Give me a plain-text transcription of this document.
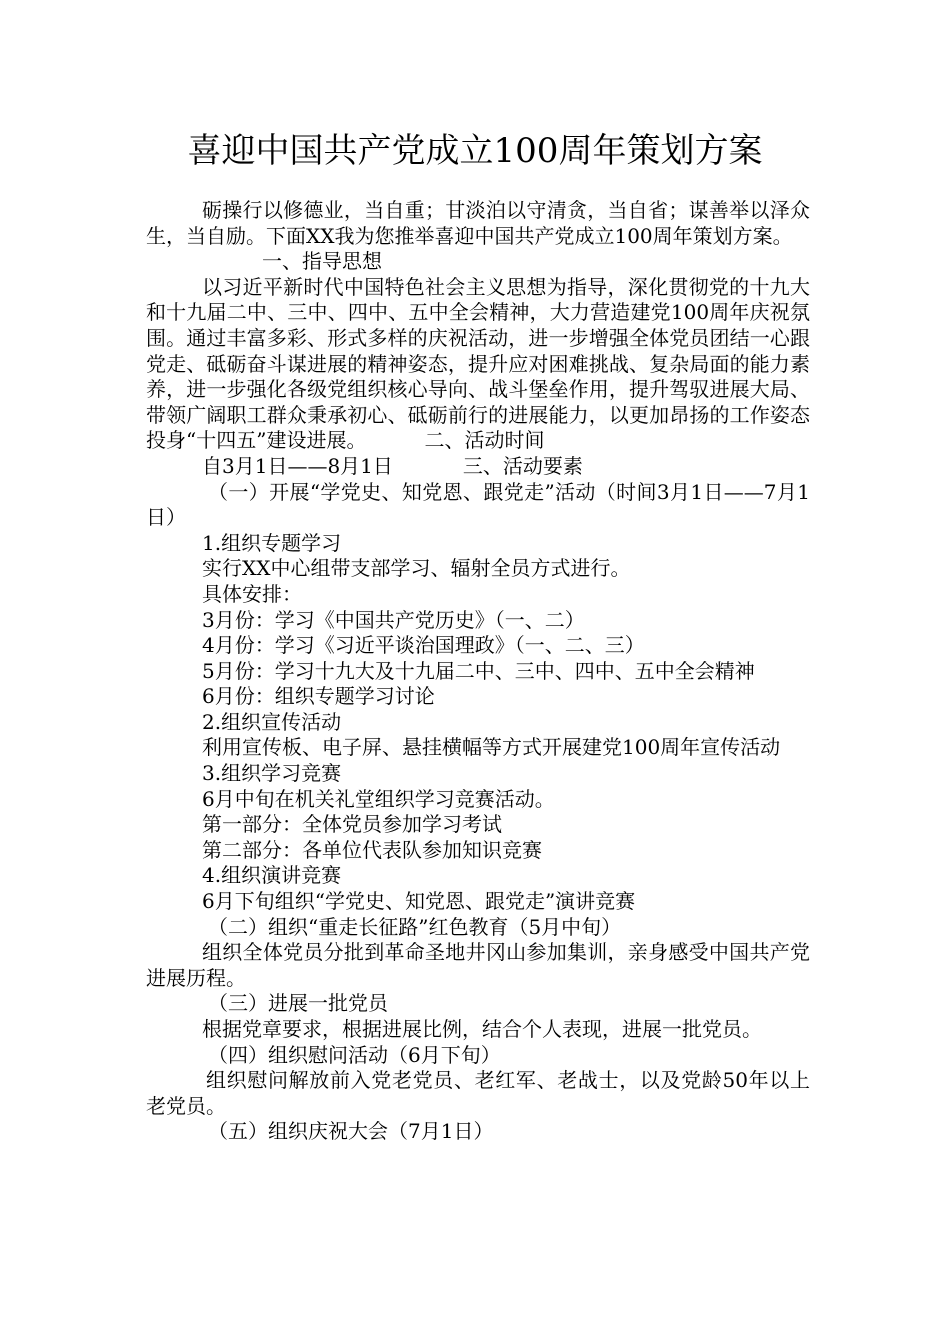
喜迎中国共产党成立100周年策划方案

砺操行以修德业，当自重；甘淡泊以守清贪，当自省；谋善举以泽众生，当自励。下面XX我为您推举喜迎中国共产党成立100周年策划方案。

一、指导思想

以习近平新时代中国特色社会主义思想为指导，深化贯彻党的十九大和十九届二中、三中、四中、五中全会精神，大力营造建党100周年庆祝氛围。通过丰富多彩、形式多样的庆祝活动，进一步增强全体党员团结一心跟党走、砥砺奋斗谋进展的精神姿态，提升应对困难挑战、复杂局面的能力素养，进一步强化各级党组织核心导向、战斗堡垒作用，提升驾驭进展大局、带领广阔职工群众秉承初心、砥砺前行的进展能力，以更加昂扬的工作姿态投身“十四五”建设进展。	二、活动时间

自3月1日——8月1日	三、活动要素

（一）开展“学党史、知党恩、跟党走”活动（时间3月1日——7月1日）

1.组织专题学习

实行XX中心组带支部学习、辐射全员方式进行。

具体安排：

3月份：学习《中国共产党历史》（一、二）

4月份：学习《习近平谈治国理政》（一、二、三）

5月份：学习十九大及十九届二中、三中、四中、五中全会精神

6月份：组织专题学习讨论

2.组织宣传活动

利用宣传板、电子屏、悬挂横幅等方式开展建党100周年宣传活动

3.组织学习竞赛

6月中旬在机关礼堂组织学习竞赛活动。

第一部分：全体党员参加学习考试

第二部分：各单位代表队参加知识竞赛

4.组织演讲竞赛

6月下旬组织“学党史、知党恩、跟党走”演讲竞赛

（二）组织“重走长征路”红色教育（5月中旬）

组织全体党员分批到革命圣地井冈山参加集训，亲身感受中国共产党进展历程。

（三）进展一批党员

根据党章要求，根据进展比例，结合个人表现，进展一批党员。

（四）组织慰问活动（6月下旬）

组织慰问解放前入党老党员、老红军、老战士，以及党龄50年以上老党员。

（五）组织庆祝大会（7月1日）
